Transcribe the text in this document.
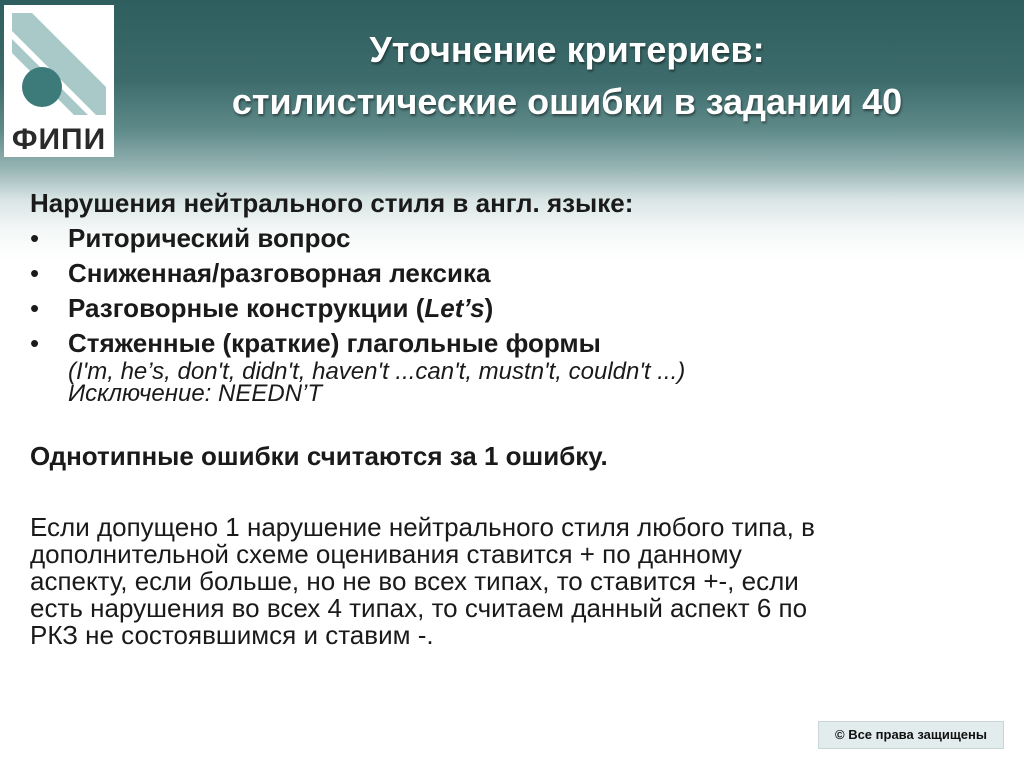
ФИПИ
Уточнение критериев:
стилистические ошибки в задании 40
Нарушения нейтрального стиля в англ. языке:
• Риторический вопрос
• Сниженная/разговорная лексика
• Разговорные конструкции (Let’s)
• Стяженные (краткие) глагольные формы
(I'm, he’s, don't, didn't, haven't ...can't, mustn't, couldn't ...)
Исключение: NEEDN’T
Однотипные ошибки считаются за 1 ошибку.
Если допущено 1 нарушение нейтрального стиля любого типа, в
дополнительной схеме оценивания ставится + по данному
аспекту, если больше, но не во всех типах, то ставится +-, если
есть нарушения во всех 4 типах, то считаем данный аспект 6 по
РКЗ не состоявшимся и ставим -.
© Все права защищены
